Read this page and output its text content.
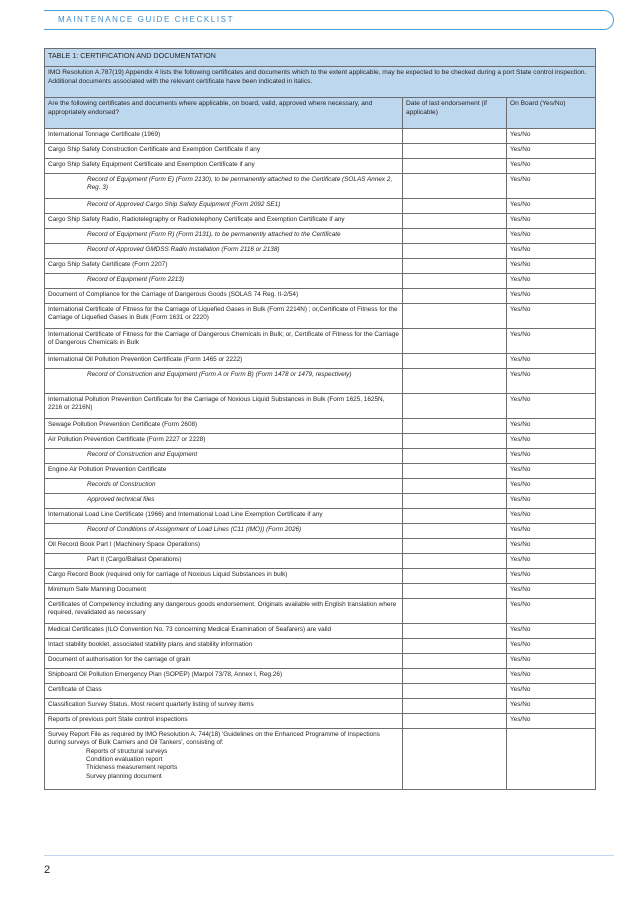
MAINTENANCE GUIDE CHECKLIST
TABLE 1: CERTIFICATION AND DOCUMENTATION		
IMO Resolution A.787(19) Appendix 4 lists the following certificates and documents which to the extent applicable, may be expected to be checked during a port State control inspection. Additional documents associated with the relevant certificate have been indicated in italics.		
Are the following certificates and documents where applicable, on board, valid, approved where necessary, and appropriately endorsed?	Date of last endorsement (if applicable)	On Board (Yes/No)
International Tonnage Certificate (1969)		Yes/No
Cargo Ship Safety Construction Certificate and Exemption Certificate if any		Yes/No
Cargo Ship Safety Equipment Certificate and Exemption Certificate if any		Yes/No
Record of Equipment (Form E) (Form 2130), to be permanently attached to the Certificate (SOLAS Annex 2, Reg. 3)		Yes/No
Record of Approved Cargo Ship Safety Equipment (Form 2092 SE1)		Yes/No
Cargo Ship Safety Radio, Radiotelegraphy or Radiotelephony Certificate and Exemption Certificate if any		Yes/No
Record of Equipment (Form R) (Form 2131), to be permanently attached to the Certificate		Yes/No
Record of Approved GMDSS Radio Installation (Form 2116 or 2138)		Yes/No
Cargo Ship Safety Certificate (Form 2207)		Yes/No
Record of Equipment (Form 2213)		Yes/No
Document of Compliance for the Carriage of Dangerous Goods (SOLAS 74 Reg. II-2/54)		Yes/No
International Certificate of Fitness for the Carriage of Liquefied Gases in Bulk (Form 2214N) ; or,Certificate of Fitness for the Carriage of Liquefied Gases in Bulk (Form 1631 or 2220)		Yes/No
International Certificate of Fitness for the Carriage of Dangerous Chemicals in Bulk; or, Certificate of Fitness for the Carriage of Dangerous Chemicals in Bulk		Yes/No
International Oil Pollution Prevention Certificate (Form 1465 or 2222)		Yes/No
Record of Construction and Equipment (Form A or Form B) (Form 1478 or 1479, respectively)		Yes/No
International Pollution Prevention Certificate for the Carriage of Noxious Liquid Substances in Bulk (Form 1625, 1625N, 2216 or 2216N)		Yes/No
Sewage Pollution Prevention Certificate (Form 2608)		Yes/No
Air Pollution Prevention Certificate (Form 2227 or 2228)		Yes/No
Record of Construction and Equipment		Yes/No
Engine Air Pollution Prevention Certificate		Yes/No
Records of Construction		Yes/No
Approved technical files		Yes/No
International Load Line Certificate (1966) and International Load Line Exemption Certificate if any		Yes/No
Record of Conditions of Assignment of Load Lines (C11 (IMO)) (Form 2026)		Yes/No
Oil Record Book Part I (Machinery Space Operations)		Yes/No
Part II (Cargo/Ballast Operations)		Yes/No
Cargo Record Book (required only for carriage of Noxious Liquid Substances in bulk)		Yes/No
Minimum Safe Manning Document		Yes/No
Certificates of Competency including any dangerous goods endorsement. Originals available with English translation where required, revalidated as necessary		Yes/No
Medical Certificates (ILO Convention No. 73 concerning Medical Examination of Seafarers) are valid		Yes/No
Intact stability booklet, associated stability plans and stability information		Yes/No
Document of authorisation for the carriage of grain		Yes/No
Shipboard Oil Pollution Emergency Plan (SOPEP) (Marpol 73/78, Annex I, Reg.26)		Yes/No
Certificate of Class		Yes/No
Classification Survey Status. Most recent quarterly listing of survey items		Yes/No
Reports of previous port State control inspections		Yes/No
Survey Report File as required by IMO Resolution A. 744(18) 'Guidelines on the Enhanced Programme of Inspections during surveys of Bulk Carriers and Oil Tankers', consisting of:
Reports of structural surveys
Condition evaluation report
Thickness measurement reports
Survey planning document		

2
